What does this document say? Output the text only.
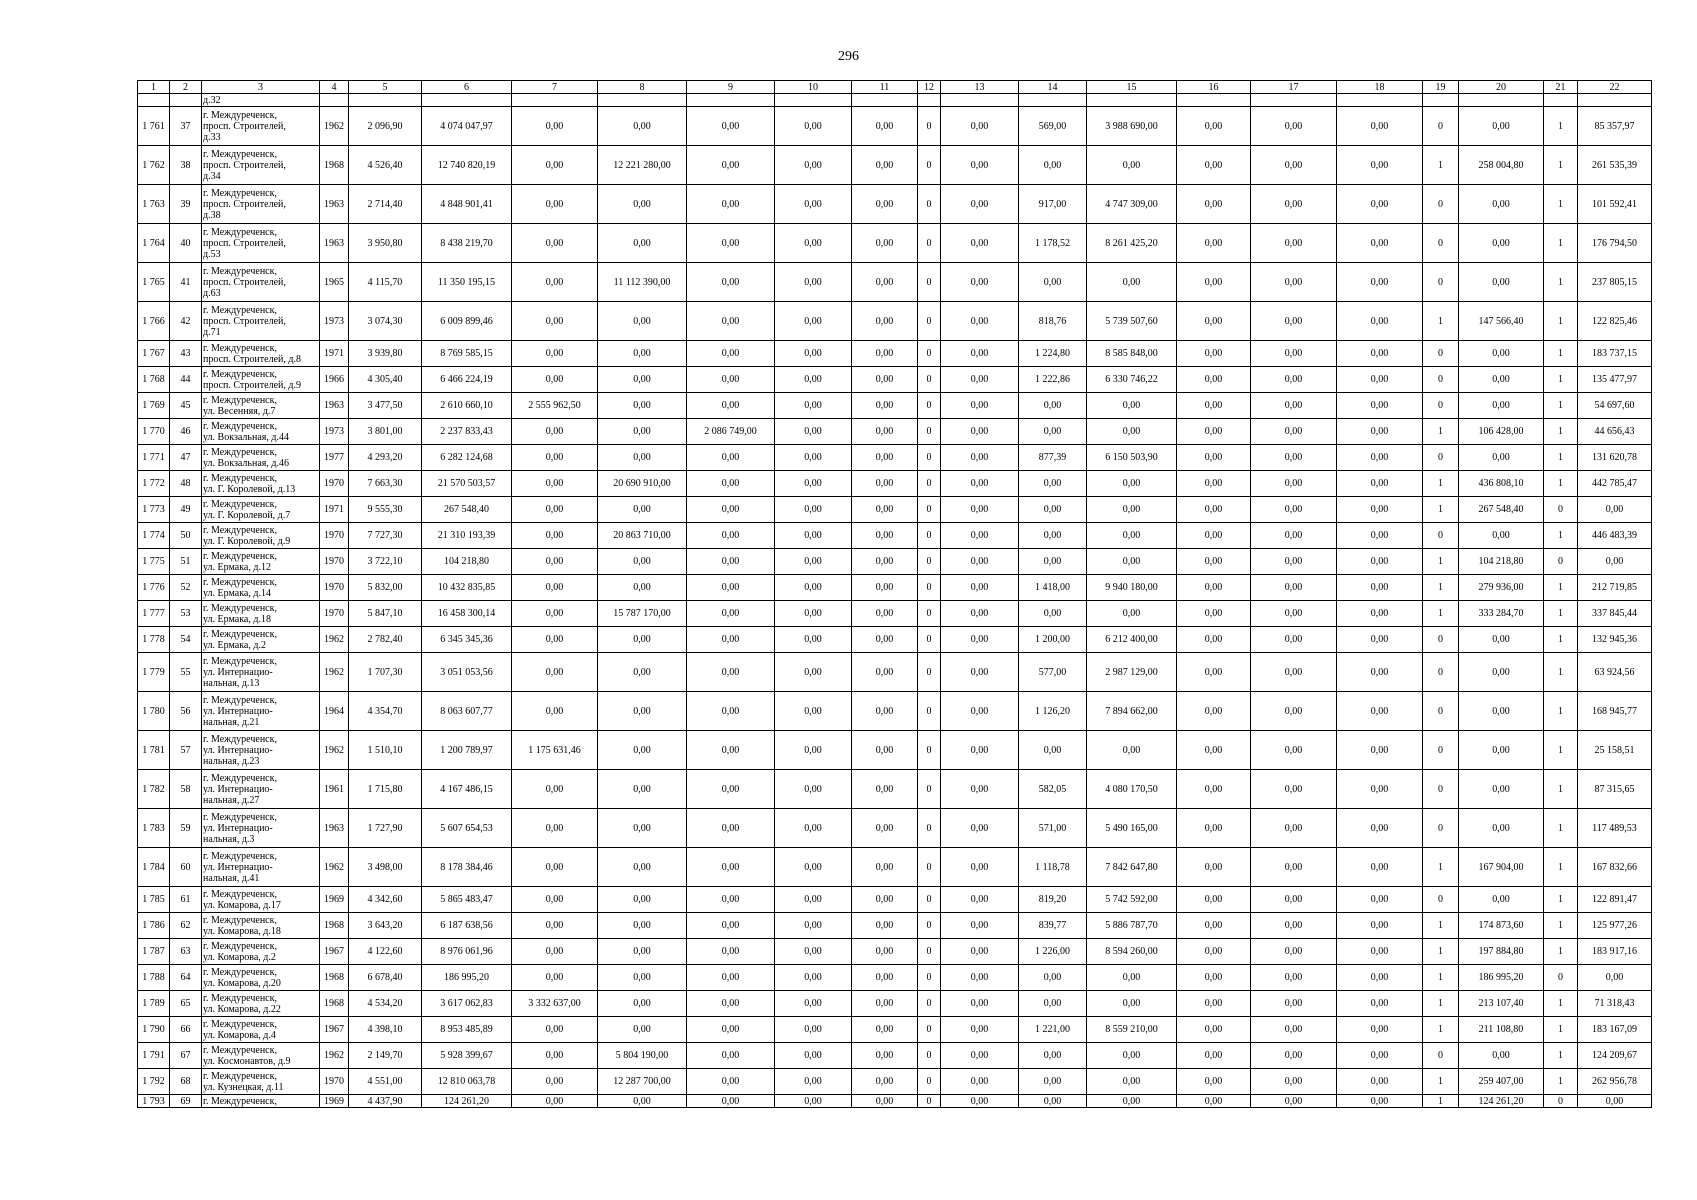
296
1	2	3	4	5	6	7	8	9	10	11	12	13	14	15	16	17	18	19	20	21	22
		д.32																			
1 761	37	г. Междуреченск,
просп. Строителей,
д.33	1962	2 096,90	4 074 047,97	0,00	0,00	0,00	0,00	0,00	0	0,00	569,00	3 988 690,00	0,00	0,00	0,00	0	0,00	1	85 357,97
1 762	38	г. Междуреченск,
просп. Строителей,
д.34	1968	4 526,40	12 740 820,19	0,00	12 221 280,00	0,00	0,00	0,00	0	0,00	0,00	0,00	0,00	0,00	0,00	1	258 004,80	1	261 535,39
1 763	39	г. Междуреченск,
просп. Строителей,
д.38	1963	2 714,40	4 848 901,41	0,00	0,00	0,00	0,00	0,00	0	0,00	917,00	4 747 309,00	0,00	0,00	0,00	0	0,00	1	101 592,41
1 764	40	г. Междуреченск,
просп. Строителей,
д.53	1963	3 950,80	8 438 219,70	0,00	0,00	0,00	0,00	0,00	0	0,00	1 178,52	8 261 425,20	0,00	0,00	0,00	0	0,00	1	176 794,50
1 765	41	г. Междуреченск,
просп. Строителей,
д.63	1965	4 115,70	11 350 195,15	0,00	11 112 390,00	0,00	0,00	0,00	0	0,00	0,00	0,00	0,00	0,00	0,00	0	0,00	1	237 805,15
1 766	42	г. Междуреченск,
просп. Строителей,
д.71	1973	3 074,30	6 009 899,46	0,00	0,00	0,00	0,00	0,00	0	0,00	818,76	5 739 507,60	0,00	0,00	0,00	1	147 566,40	1	122 825,46
1 767	43	г. Междуреченск,
просп. Строителей, д.8	1971	3 939,80	8 769 585,15	0,00	0,00	0,00	0,00	0,00	0	0,00	1 224,80	8 585 848,00	0,00	0,00	0,00	0	0,00	1	183 737,15
1 768	44	г. Междуреченск,
просп. Строителей, д.9	1966	4 305,40	6 466 224,19	0,00	0,00	0,00	0,00	0,00	0	0,00	1 222,86	6 330 746,22	0,00	0,00	0,00	0	0,00	1	135 477,97
1 769	45	г. Междуреченск,
ул. Весенняя, д.7	1963	3 477,50	2 610 660,10	2 555 962,50	0,00	0,00	0,00	0,00	0	0,00	0,00	0,00	0,00	0,00	0,00	0	0,00	1	54 697,60
1 770	46	г. Междуреченск,
ул. Вокзальная, д.44	1973	3 801,00	2 237 833,43	0,00	0,00	2 086 749,00	0,00	0,00	0	0,00	0,00	0,00	0,00	0,00	0,00	1	106 428,00	1	44 656,43
1 771	47	г. Междуреченск,
ул. Вокзальная, д.46	1977	4 293,20	6 282 124,68	0,00	0,00	0,00	0,00	0,00	0	0,00	877,39	6 150 503,90	0,00	0,00	0,00	0	0,00	1	131 620,78
1 772	48	г. Междуреченск,
ул. Г. Королевой, д.13	1970	7 663,30	21 570 503,57	0,00	20 690 910,00	0,00	0,00	0,00	0	0,00	0,00	0,00	0,00	0,00	0,00	1	436 808,10	1	442 785,47
1 773	49	г. Междуреченск,
ул. Г. Королевой, д.7	1971	9 555,30	267 548,40	0,00	0,00	0,00	0,00	0,00	0	0,00	0,00	0,00	0,00	0,00	0,00	1	267 548,40	0	0,00
1 774	50	г. Междуреченск,
ул. Г. Королевой, д.9	1970	7 727,30	21 310 193,39	0,00	20 863 710,00	0,00	0,00	0,00	0	0,00	0,00	0,00	0,00	0,00	0,00	0	0,00	1	446 483,39
1 775	51	г. Междуреченск,
ул. Ермака, д.12	1970	3 722,10	104 218,80	0,00	0,00	0,00	0,00	0,00	0	0,00	0,00	0,00	0,00	0,00	0,00	1	104 218,80	0	0,00
1 776	52	г. Междуреченск,
ул. Ермака, д.14	1970	5 832,00	10 432 835,85	0,00	0,00	0,00	0,00	0,00	0	0,00	1 418,00	9 940 180,00	0,00	0,00	0,00	1	279 936,00	1	212 719,85
1 777	53	г. Междуреченск,
ул. Ермака, д.18	1970	5 847,10	16 458 300,14	0,00	15 787 170,00	0,00	0,00	0,00	0	0,00	0,00	0,00	0,00	0,00	0,00	1	333 284,70	1	337 845,44
1 778	54	г. Междуреченск,
ул. Ермака, д.2	1962	2 782,40	6 345 345,36	0,00	0,00	0,00	0,00	0,00	0	0,00	1 200,00	6 212 400,00	0,00	0,00	0,00	0	0,00	1	132 945,36
1 779	55	г. Междуреченск,
ул. Интернацио-
нальная, д.13	1962	1 707,30	3 051 053,56	0,00	0,00	0,00	0,00	0,00	0	0,00	577,00	2 987 129,00	0,00	0,00	0,00	0	0,00	1	63 924,56
1 780	56	г. Междуреченск,
ул. Интернацио-
нальная, д.21	1964	4 354,70	8 063 607,77	0,00	0,00	0,00	0,00	0,00	0	0,00	1 126,20	7 894 662,00	0,00	0,00	0,00	0	0,00	1	168 945,77
1 781	57	г. Междуреченск,
ул. Интернацио-
нальная, д.23	1962	1 510,10	1 200 789,97	1 175 631,46	0,00	0,00	0,00	0,00	0	0,00	0,00	0,00	0,00	0,00	0,00	0	0,00	1	25 158,51
1 782	58	г. Междуреченск,
ул. Интернацио-
нальная, д.27	1961	1 715,80	4 167 486,15	0,00	0,00	0,00	0,00	0,00	0	0,00	582,05	4 080 170,50	0,00	0,00	0,00	0	0,00	1	87 315,65
1 783	59	г. Междуреченск,
ул. Интернацио-
нальная, д.3	1963	1 727,90	5 607 654,53	0,00	0,00	0,00	0,00	0,00	0	0,00	571,00	5 490 165,00	0,00	0,00	0,00	0	0,00	1	117 489,53
1 784	60	г. Междуреченск,
ул. Интернацио-
нальная, д.41	1962	3 498,00	8 178 384,46	0,00	0,00	0,00	0,00	0,00	0	0,00	1 118,78	7 842 647,80	0,00	0,00	0,00	1	167 904,00	1	167 832,66
1 785	61	г. Междуреченск,
ул. Комарова, д.17	1969	4 342,60	5 865 483,47	0,00	0,00	0,00	0,00	0,00	0	0,00	819,20	5 742 592,00	0,00	0,00	0,00	0	0,00	1	122 891,47
1 786	62	г. Междуреченск,
ул. Комарова, д.18	1968	3 643,20	6 187 638,56	0,00	0,00	0,00	0,00	0,00	0	0,00	839,77	5 886 787,70	0,00	0,00	0,00	1	174 873,60	1	125 977,26
1 787	63	г. Междуреченск,
ул. Комарова, д.2	1967	4 122,60	8 976 061,96	0,00	0,00	0,00	0,00	0,00	0	0,00	1 226,00	8 594 260,00	0,00	0,00	0,00	1	197 884,80	1	183 917,16
1 788	64	г. Междуреченск,
ул. Комарова, д.20	1968	6 678,40	186 995,20	0,00	0,00	0,00	0,00	0,00	0	0,00	0,00	0,00	0,00	0,00	0,00	1	186 995,20	0	0,00
1 789	65	г. Междуреченск,
ул. Комарова, д.22	1968	4 534,20	3 617 062,83	3 332 637,00	0,00	0,00	0,00	0,00	0	0,00	0,00	0,00	0,00	0,00	0,00	1	213 107,40	1	71 318,43
1 790	66	г. Междуреченск,
ул. Комарова, д.4	1967	4 398,10	8 953 485,89	0,00	0,00	0,00	0,00	0,00	0	0,00	1 221,00	8 559 210,00	0,00	0,00	0,00	1	211 108,80	1	183 167,09
1 791	67	г. Междуреченск,
ул. Космонавтов, д.9	1962	2 149,70	5 928 399,67	0,00	5 804 190,00	0,00	0,00	0,00	0	0,00	0,00	0,00	0,00	0,00	0,00	0	0,00	1	124 209,67
1 792	68	г. Междуреченск,
ул. Кузнецкая, д.11	1970	4 551,00	12 810 063,78	0,00	12 287 700,00	0,00	0,00	0,00	0	0,00	0,00	0,00	0,00	0,00	0,00	1	259 407,00	1	262 956,78
1 793	69	г. Междуреченск,	1969	4 437,90	124 261,20	0,00	0,00	0,00	0,00	0,00	0	0,00	0,00	0,00	0,00	0,00	0,00	1	124 261,20	0	0,00
